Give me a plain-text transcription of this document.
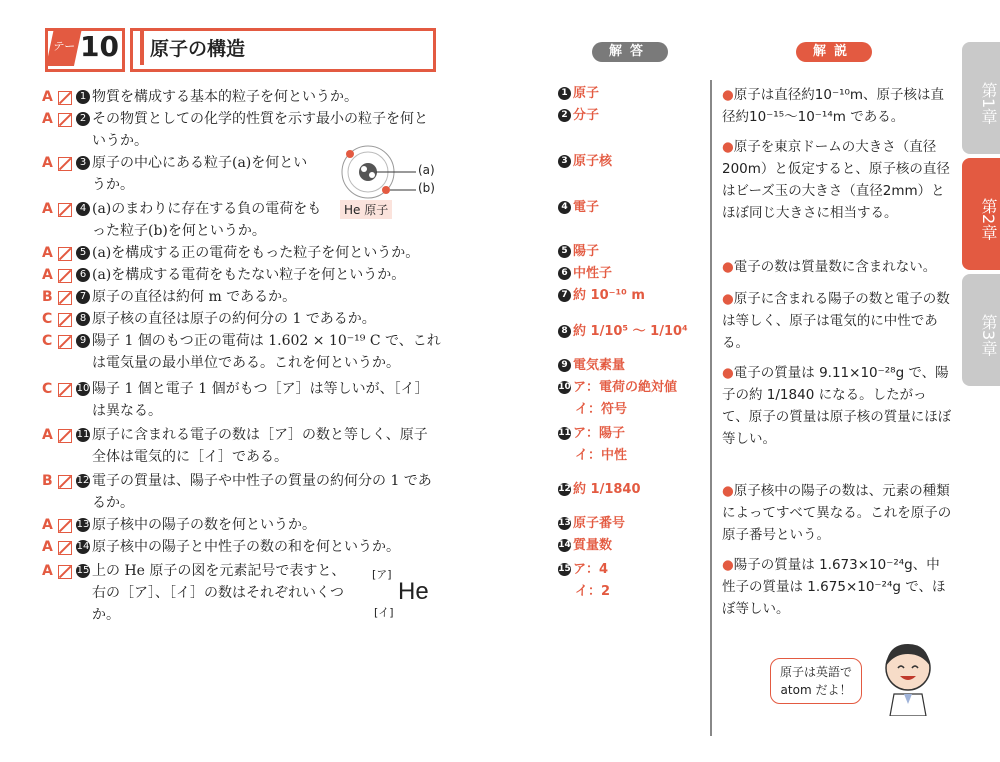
テーマ
10 原子の構造	解答	解説
A	1 物質を構成する基本的粒子を何というか。
A	2 その物質としての化学的性質を示す最小の粒子を何というか。
A	3 原子の中心にある粒子(a)を何というか。
A	4 (a)のまわりに存在する負の電荷をもった粒子(b)を何というか。
A	5 (a)を構成する正の電荷をもった粒子を何というか。
A	6 (a)を構成する電荷をもたない粒子を何というか。
B	7 原子の直径は約何 m であるか。
C	8 原子核の直径は原子の約何分の 1 であるか。
C	9 陽子 1 個のもつ正の電荷は 1.602 × 10⁻¹⁹ C で、これは電気量の最小単位である。これを何というか。
C 10 陽子 1 個と電子 1 個がもつ［ア］は等しいが、［イ］は異なる。
A 11 原子に含まれる電子の数は［ア］の数と等しく、原子全体は電気的に［イ］である。
B 12 電子の質量は、陽子や中性子の質量の約何分の 1 であるか。
A 13 原子核中の陽子の数を何というか。
A 14 原子核中の陽子と中性子の数の和を何というか。
A 15 上の He 原子の図を元素記号で表すと、右の［ア］、［イ］の数はそれぞれいくつか。
(a)
(b)
He 原子
[ア]
[イ]
He
1 原子
2 分子
3 原子核
4 電子
5 陽子
6 中性子
7 約 10⁻¹⁰ m
8 約 1/10⁵ ～ 1/10⁴
9 電気素量
10 ア：電荷の絶対値
イ：符号
11 ア：陽子
イ：中性
12 約 1/1840
13 原子番号
14 質量数
15 ア：4
イ：2
●原子は直径約10⁻¹⁰m、原子核は直径約10⁻¹⁵～10⁻¹⁴m である。
●原子を東京ドームの大きさ（直径200m）と仮定すると、原子核の直径はビーズ玉の大きさ（直径2mm）とほぼ同じ大きさに相当する。
●電子の数は質量数に含まれない。
●原子に含まれる陽子の数と電子の数は等しく、原子は電気的に中性である。
●電子の質量は 9.11×10⁻²⁸g で、陽子の約 1/1840 になる。したがって、原子の質量は原子核の質量にほぼ等しい。
●原子核中の陽子の数は、元素の種類によってすべて異なる。これを原子の原子番号という。
●陽子の質量は 1.673×10⁻²⁴g、中性子の質量は 1.675×10⁻²⁴g で、ほぼ等しい。
原子は英語で atom だよ！
第1章
第2章
第3章
